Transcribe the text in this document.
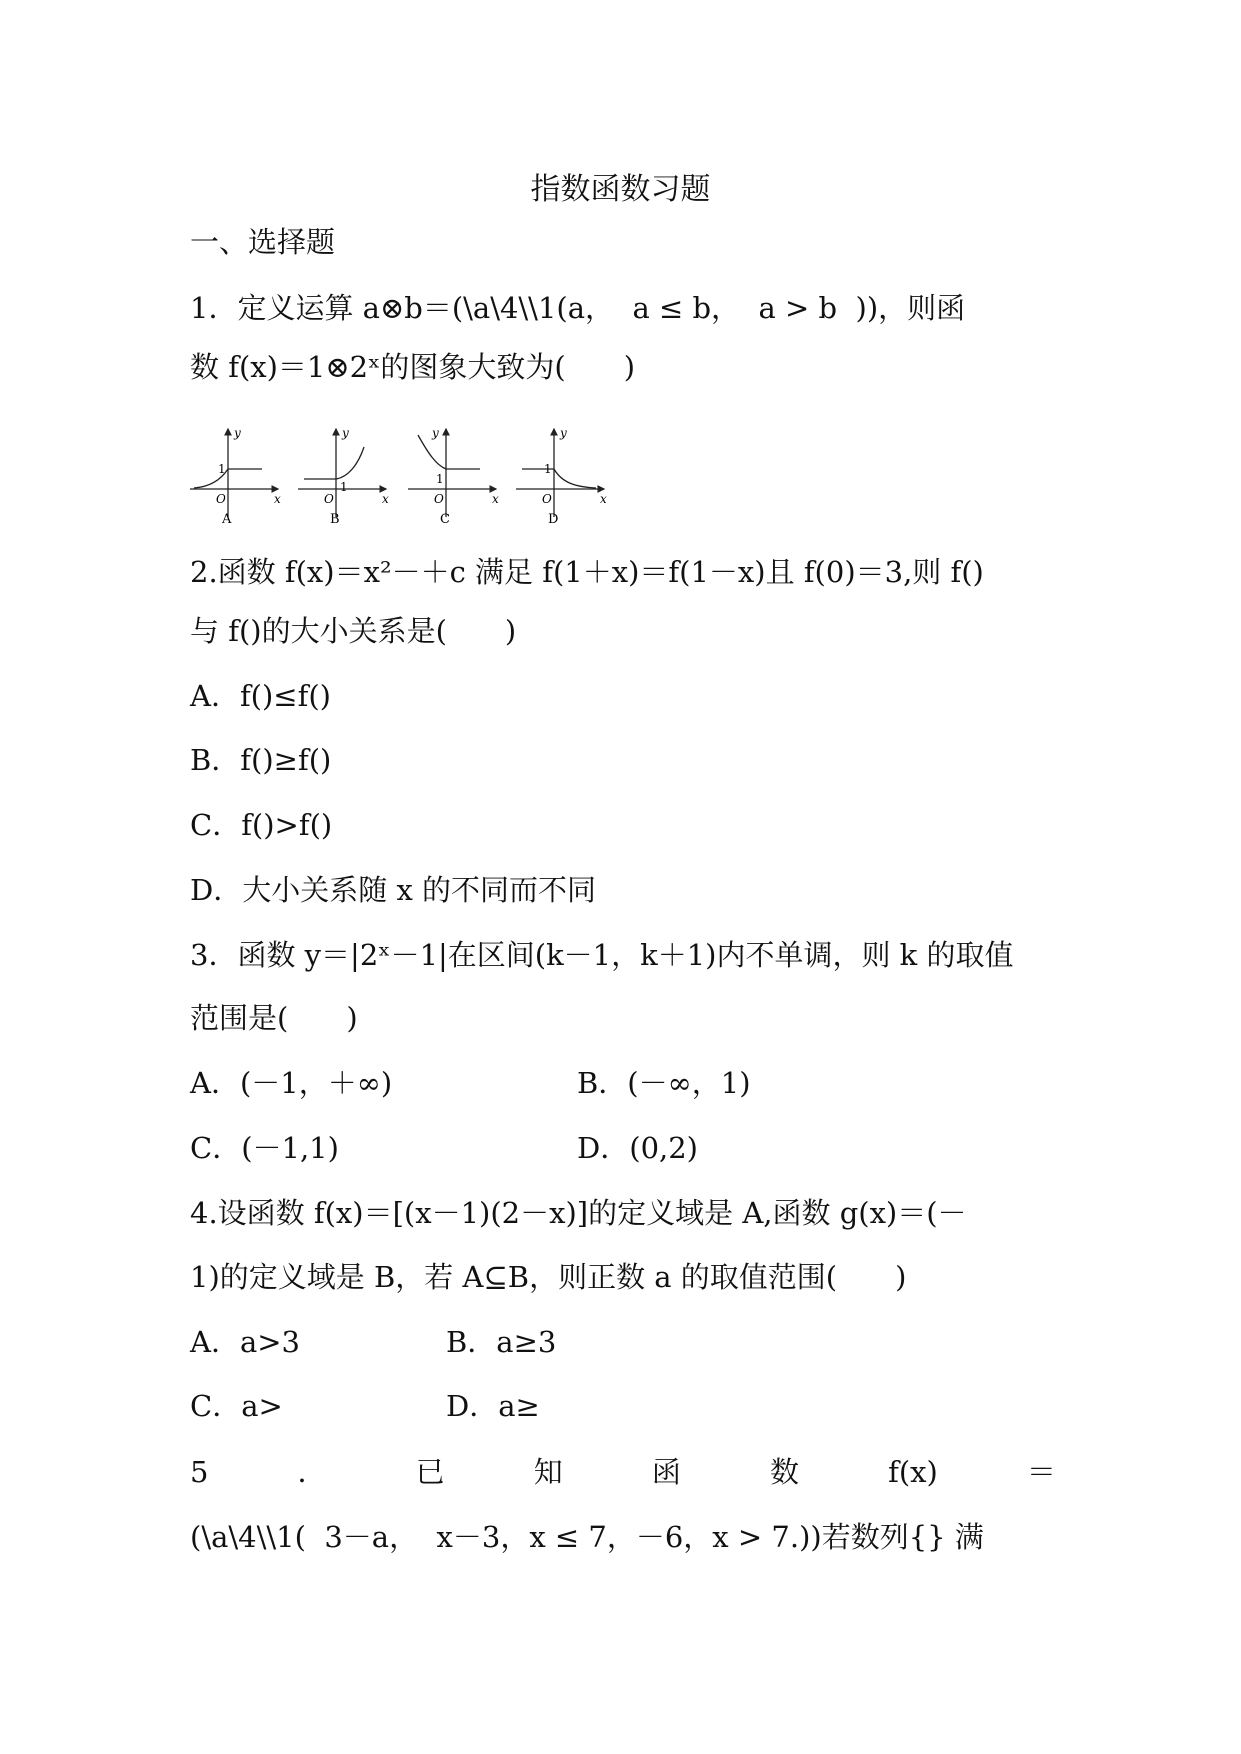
指数函数习题
一、选择题
1．定义运算 a⊗b＝(\a\4\\1(a，  a ≤ b，  a > b  ))，则函
数 f(x)＝1⊗2ˣ的图象大致为(　　)
y
x
O
1
A
y
x
O
1
B
y
x
O
1
C
y
x
O
1
D
2.函数 f(x)＝x²－＋c 满足 f(1＋x)＝f(1－x)且 f(0)＝3,则 f()
与 f()的大小关系是(　　)
A．f()≤f()
B．f()≥f()
C．f()>f()
D．大小关系随 x 的不同而不同
3．函数 y＝|2ˣ－1|在区间(k－1，k＋1)内不单调，则 k 的取值
范围是(　　)
A．(－1，＋∞)	B．(－∞，1)
C．(－1,1)	D．(0,2)
4.设函数 f(x)＝[(x－1)(2－x)]的定义域是 A,函数 g(x)＝(－
1)的定义域是 B，若 A⊆B，则正数 a 的取值范围(　　)
A．a>3	B．a≥3
C．a>	D．a≥
5	．	已	知	函	数	f(x)	＝
(\a\4\\1(  3－a，  x－3，x ≤ 7，－6，x > 7.))若数列{} 满
